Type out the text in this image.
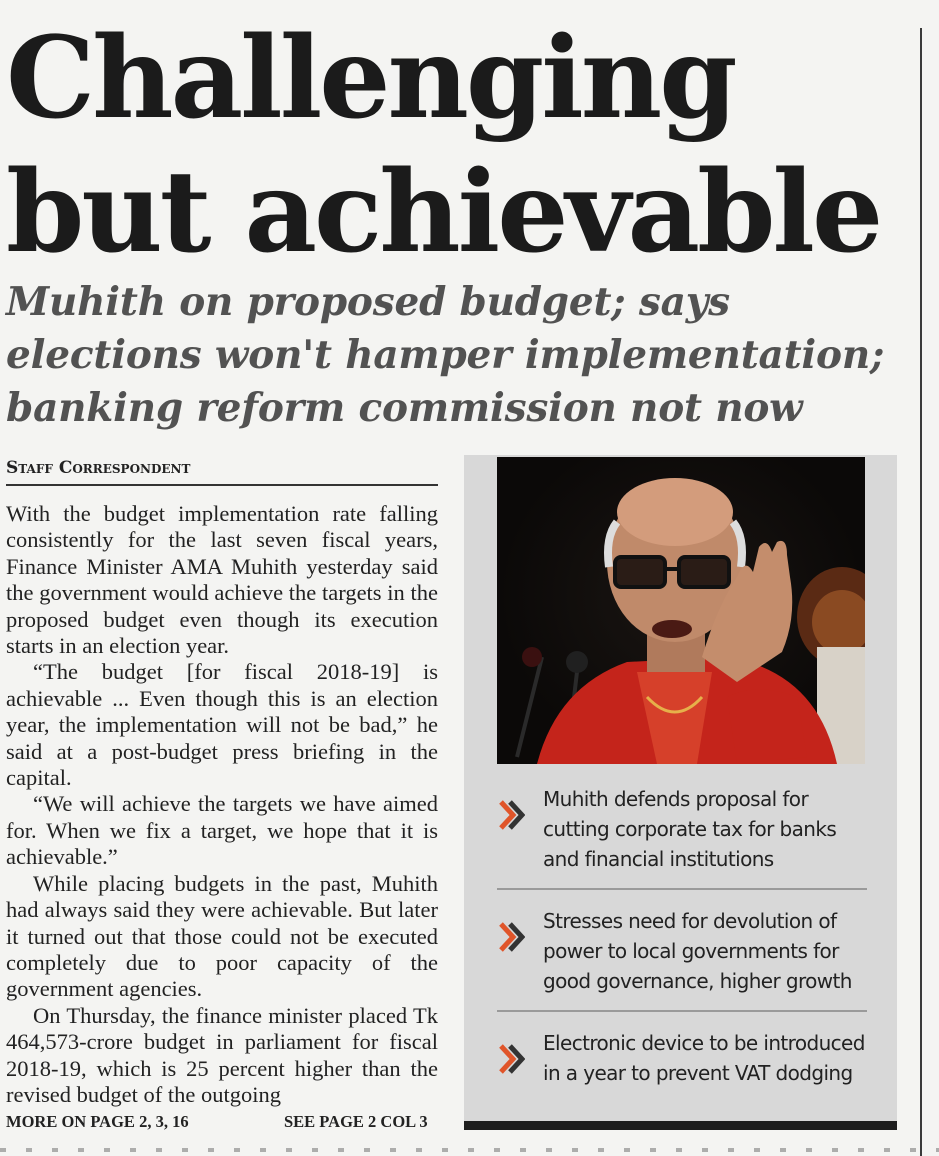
Challenging but achievable
Muhith on proposed budget; says elections won't hamper implementation; banking reform commission not now
Staff Correspondent

With the budget implementation rate falling consistently for the last seven fiscal years, Finance Minister AMA Muhith yesterday said the government would achieve the targets in the proposed budget even though its execution starts in an election year.

“The budget [for fiscal 2018-19] is achievable ... Even though this is an election year, the implementation will not be bad,” he said at a post-budget press briefing in the capital.

“We will achieve the targets we have aimed for. When we fix a target, we hope that it is achievable.”

While placing budgets in the past, Muhith had always said they were achievable. But later it turned out that those could not be executed completely due to poor capacity of the government agencies.

On Thursday, the finance minister placed Tk 464,573-crore budget in parliament for fiscal 2018-19, which is 25 percent higher than the revised budget of the outgoing

MORE ON PAGE 2, 3, 16	SEE PAGE 2 COL 3
Muhith defends proposal for cutting corporate tax for banks and financial institutions
Stresses need for devolution of power to local governments for good governance, higher growth
Electronic device to be introduced in a year to prevent VAT dodging
